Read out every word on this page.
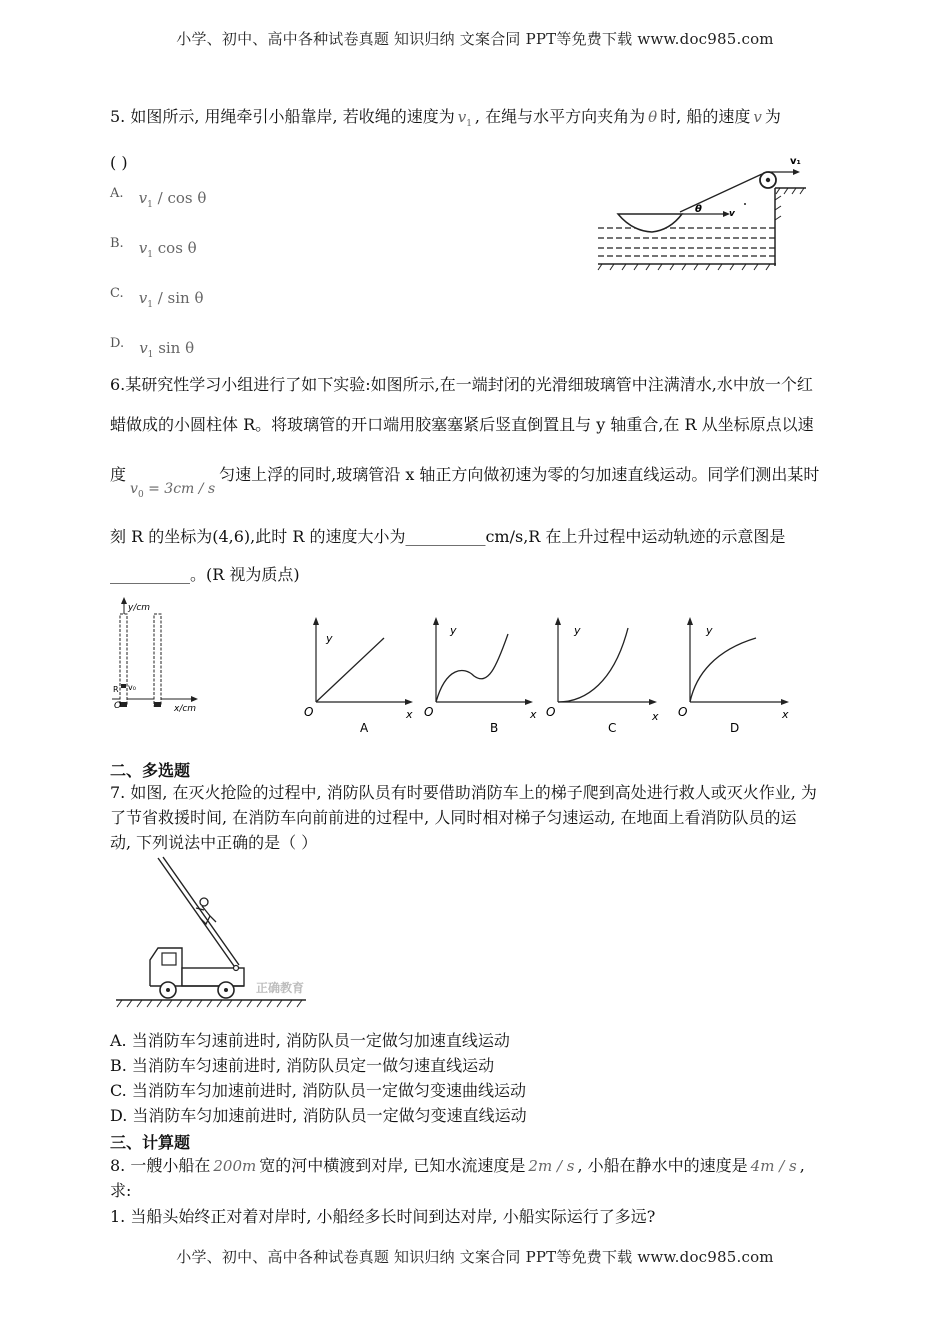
小学、初中、高中各种试卷真题 知识归纳 文案合同 PPT等免费下载 www.doc985.com
5. 如图所示, 用绳牵引小船靠岸, 若收绳的速度为 $v_1$ , 在绳与水平方向夹角为 θ 时, 船的速度 v 为
( )
A. $v_1$ / cos θ
B. $v_1$ cos θ
C. $v_1$ / sin θ
D. $v_1$ sin θ
v₁
v
θ
6.某研究性学习小组进行了如下实验:如图所示,在一端封闭的光滑细玻璃管中注满清水,水中放一个红
蜡做成的小圆柱体 R。将玻璃管的开口端用胶塞塞紧后竖直倒置且与 y 轴重合,在 R 从坐标原点以速
度$v_0 = 3cm / s$匀速上浮的同时,玻璃管沿 x 轴正方向做初速为零的匀加速直线运动。同学们测出某时
刻 R 的坐标为(4,6),此时 R 的速度大小为__________cm/s,R 在上升过程中运动轨迹的示意图是
__________。(R 视为质点)
y/cm
x/cm
R v₀
O
y
x
O
A
y
x
O
B
y
x
O
C
y
x
O
D
二、多选题
7. 如图, 在灭火抢险的过程中, 消防队员有时要借助消防车上的梯子爬到高处进行救人或灭火作业, 为
了节省救援时间, 在消防车向前前进的过程中, 人同时相对梯子匀速运动, 在地面上看消防队员的运
动, 下列说法中正确的是（ ）
正确教育
A. 当消防车匀速前进时, 消防队员一定做匀加速直线运动
B. 当消防车匀速前进时, 消防队员定一做匀速直线运动
C. 当消防车匀加速前进时, 消防队员一定做匀变速曲线运动
D. 当消防车匀加速前进时, 消防队员一定做匀变速直线运动
三、计算题
8. 一艘小船在 200m 宽的河中横渡到对岸, 已知水流速度是 2m / s , 小船在静水中的速度是 4m / s ,
求:
1. 当船头始终正对着对岸时, 小船经多长时间到达对岸, 小船实际运行了多远?
小学、初中、高中各种试卷真题 知识归纳 文案合同 PPT等免费下载 www.doc985.com
